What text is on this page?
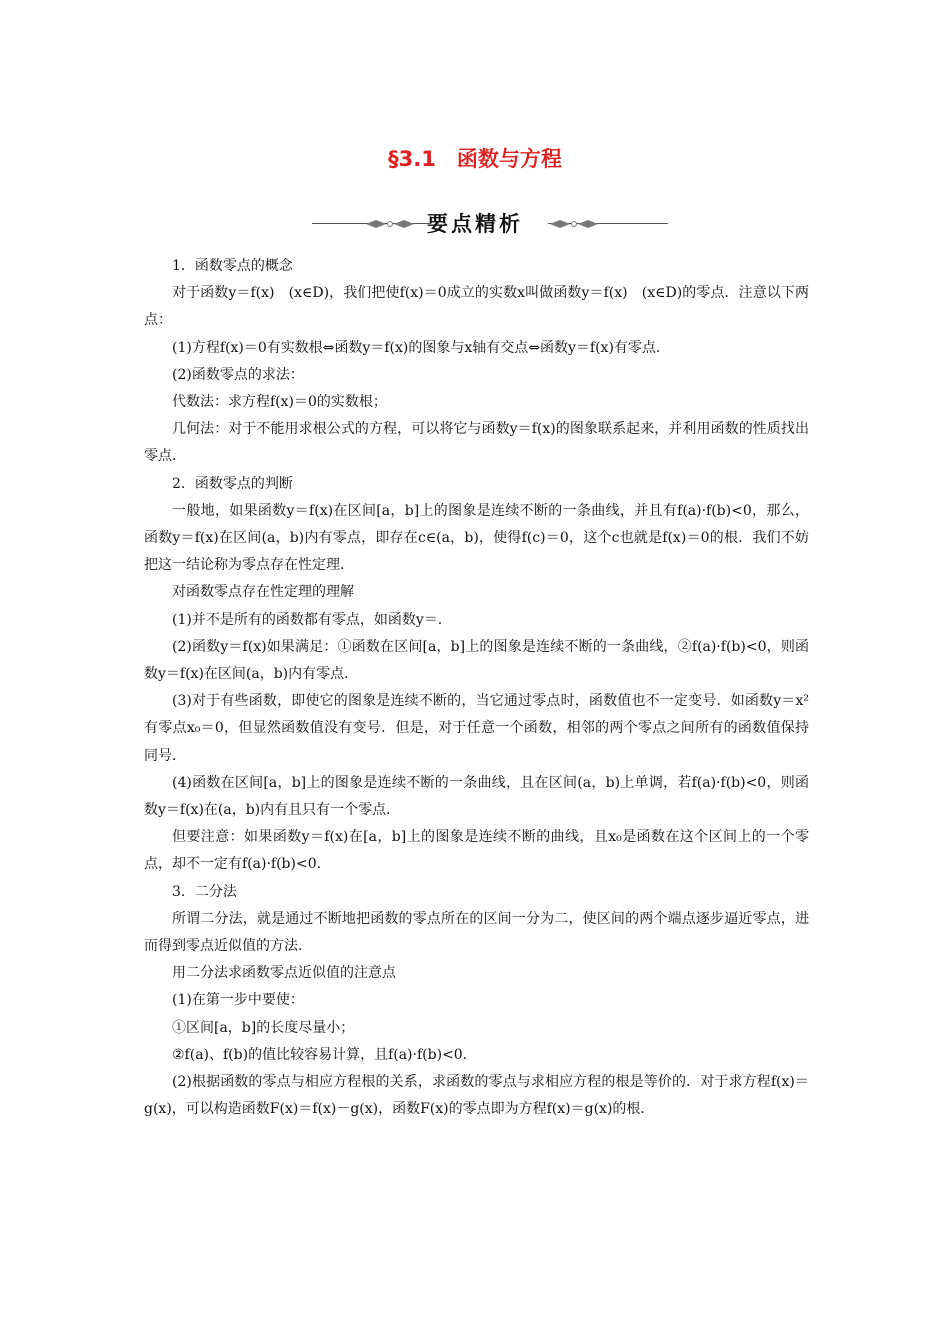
§3.1　函数与方程
要点精析

1．函数零点的概念

对于函数y＝f(x)　(x∈D)，我们把使f(x)＝0成立的实数x叫做函数y＝f(x)　(x∈D)的零点．注意以下两点：

(1)方程f(x)＝0有实数根⇔函数y＝f(x)的图象与x轴有交点⇔函数y＝f(x)有零点．

(2)函数零点的求法：

代数法：求方程f(x)＝0的实数根；

几何法：对于不能用求根公式的方程，可以将它与函数y＝f(x)的图象联系起来，并利用函数的性质找出零点．

2．函数零点的判断

一般地，如果函数y＝f(x)在区间[a，b]上的图象是连续不断的一条曲线，并且有f(a)·f(b)<0，那么，函数y＝f(x)在区间(a，b)内有零点，即存在c∈(a，b)，使得f(c)＝0，这个c也就是f(x)＝0的根．我们不妨把这一结论称为零点存在性定理．

对函数零点存在性定理的理解

(1)并不是所有的函数都有零点，如函数y＝.

(2)函数y＝f(x)如果满足：①函数在区间[a，b]上的图象是连续不断的一条曲线，②f(a)·f(b)<0，则函数y＝f(x)在区间(a，b)内有零点．

(3)对于有些函数，即使它的图象是连续不断的，当它通过零点时，函数值也不一定变号．如函数y＝x²有零点x₀＝0，但显然函数值没有变号．但是，对于任意一个函数，相邻的两个零点之间所有的函数值保持同号．

(4)函数在区间[a，b]上的图象是连续不断的一条曲线，且在区间(a，b)上单调，若f(a)·f(b)<0，则函数y＝f(x)在(a，b)内有且只有一个零点．

但要注意：如果函数y＝f(x)在[a，b]上的图象是连续不断的曲线，且x₀是函数在这个区间上的一个零点，却不一定有f(a)·f(b)<0.

3．二分法

所谓二分法，就是通过不断地把函数的零点所在的区间一分为二，使区间的两个端点逐步逼近零点，进而得到零点近似值的方法．

用二分法求函数零点近似值的注意点

(1)在第一步中要使：

①区间[a，b]的长度尽量小；

②f(a)、f(b)的值比较容易计算，且f(a)·f(b)<0.

(2)根据函数的零点与相应方程根的关系，求函数的零点与求相应方程的根是等价的．对于求方程f(x)＝g(x)，可以构造函数F(x)＝f(x)－g(x)，函数F(x)的零点即为方程f(x)＝g(x)的根．
